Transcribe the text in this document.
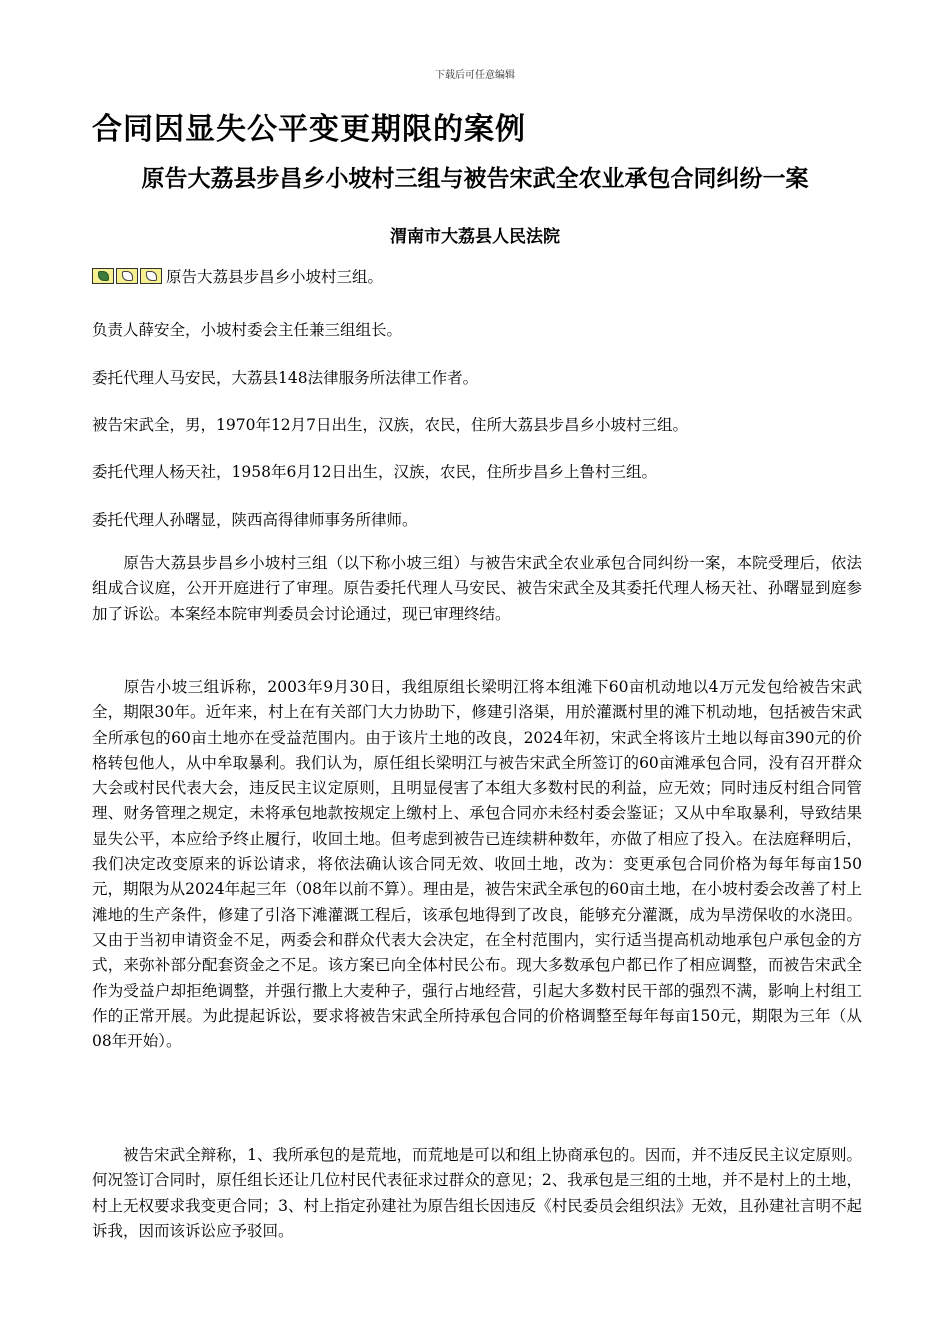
下载后可任意编辑
合同因显失公平变更期限的案例
原告大荔县步昌乡小坡村三组与被告宋武全农业承包合同纠纷一案
渭南市大荔县人民法院
原告大荔县步昌乡小坡村三组。
负责人薛安全，小坡村委会主任兼三组组长。
委托代理人马安民，大荔县148法律服务所法律工作者。
被告宋武全，男，1970年12月7日出生，汉族，农民，住所大荔县步昌乡小坡村三组。
委托代理人杨天社，1958年6月12日出生，汉族，农民，住所步昌乡上鲁村三组。
委托代理人孙曙显，陕西高得律师事务所律师。

　　原告大荔县步昌乡小坡村三组（以下称小坡三组）与被告宋武全农业承包合同纠纷一案，本院受理后，依法组成合议庭，公开开庭进行了审理。原告委托代理人马安民、被告宋武全及其委托代理人杨天社、孙曙显到庭参加了诉讼。本案经本院审判委员会讨论通过，现已审理终结。

　　原告小坡三组诉称，2003年9月30日，我组原组长梁明江将本组滩下60亩机动地以4万元发包给被告宋武全，期限30年。近年来，村上在有关部门大力协助下，修建引洛渠，用於灌溉村里的滩下机动地，包括被告宋武全所承包的60亩土地亦在受益范围内。由于该片土地的改良，2024年初，宋武全将该片土地以每亩390元的价格转包他人，从中牟取暴利。我们认为，原任组长梁明江与被告宋武全所签订的60亩滩承包合同，没有召开群众大会或村民代表大会，违反民主议定原则，且明显侵害了本组大多数村民的利益，应无效；同时违反村组合同管理、财务管理之规定，未将承包地款按规定上缴村上、承包合同亦未经村委会鉴证；又从中牟取暴利，导致结果显失公平，本应给予终止履行，收回土地。但考虑到被告已连续耕种数年，亦做了相应了投入。在法庭释明后，我们决定改变原来的诉讼请求，将依法确认该合同无效、收回土地，改为：变更承包合同价格为每年每亩150元，期限为从2024年起三年（08年以前不算）。理由是，被告宋武全承包的60亩土地，在小坡村委会改善了村上滩地的生产条件，修建了引洛下滩灌溉工程后，该承包地得到了改良，能够充分灌溉，成为旱涝保收的水浇田。又由于当初申请资金不足，两委会和群众代表大会决定，在全村范围内，实行适当提高机动地承包户承包金的方式，来弥补部分配套资金之不足。该方案已向全体村民公布。现大多数承包户都已作了相应调整，而被告宋武全作为受益户却拒绝调整，并强行撒上大麦种子，强行占地经营，引起大多数村民干部的强烈不满，影响上村组工作的正常开展。为此提起诉讼，要求将被告宋武全所持承包合同的价格调整至每年每亩150元，期限为三年（从08年开始）。

　　被告宋武全辩称，1、我所承包的是荒地，而荒地是可以和组上协商承包的。因而，并不违反民主议定原则。何况签订合同时，原任组长还让几位村民代表征求过群众的意见；2、我承包是三组的土地，并不是村上的土地，村上无权要求我变更合同；3、村上指定孙建社为原告组长因违反《村民委员会组织法》无效，且孙建社言明不起诉我，因而该诉讼应予驳回。
